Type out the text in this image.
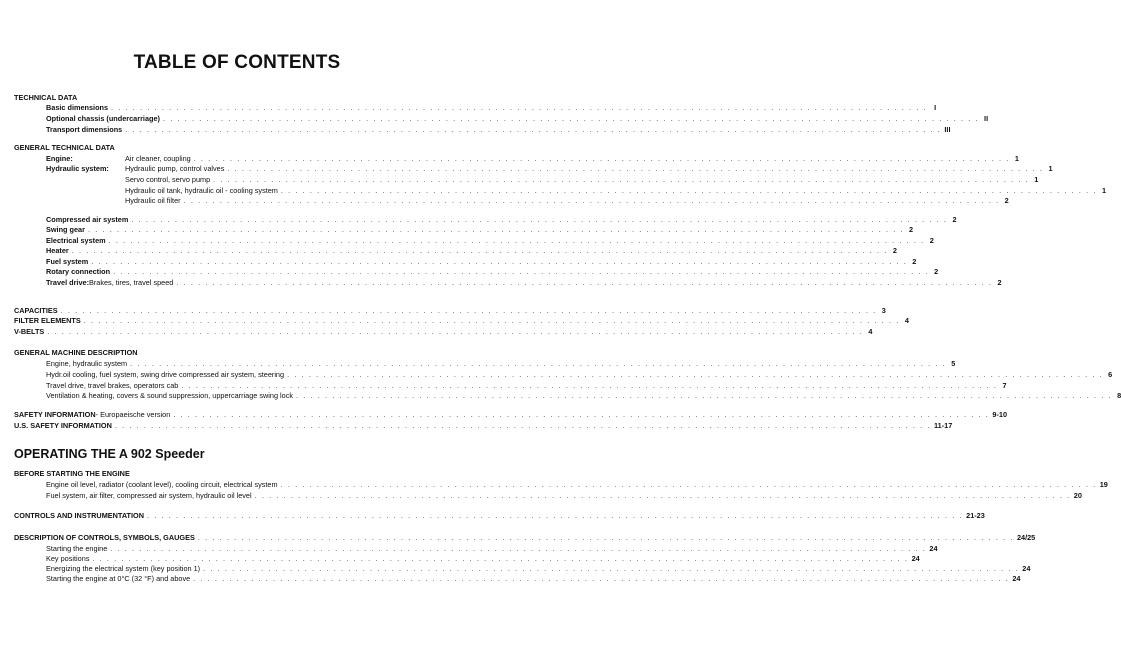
TABLE OF CONTENTS
TECHNICAL DATA
Basic dimensions . . . . . . . . . . . . . . . . . . . . . . . . . . . . . . . . . . . . . . . . . . . . . . . . . . . . . . . . . . . . . . . . . . . . . . . . . . . . . . . . . . . . . . . . . . . . . . . . . . . . . . . . . . . . . . . . . I
Optional chassis (undercarriage) . . . . . . . . . . . . . . . . . . . . . . . . . . . . . . . . . . . . . . . . . . . . . . . . . . . . . . . . . . . . . . . . . . . . . . . . . . . . . . . . . . . . . . . . . . . . . . . . . . . . . . . . . . . . . . . . . II
Transport dimensions . . . . . . . . . . . . . . . . . . . . . . . . . . . . . . . . . . . . . . . . . . . . . . . . . . . . . . . . . . . . . . . . . . . . . . . . . . . . . . . . . . . . . . . . . . . . . . . . . . . . . . . . . . . . . . . . . III
GENERAL TECHNICAL DATA
Engine:
Hydraulic system:
Air cleaner, coupling . . . . . . . . . . . . . . . . . . . . . . . . . . . . . . . . . . . . . . . . . . . . . . . . . . . . . . . . . . . . . . . . . . . . . . . . . . . . . . . . . . . . . . . . . . . . . . . . . . . . . . . . . . . . . . . . . 1
Hydraulic pump, control valves . . . . . . . . . . . . . . . . . . . . . . . . . . . . . . . . . . . . . . . . . . . . . . . . . . . . . . . . . . . . . . . . . . . . . . . . . . . . . . . . . . . . . . . . . . . . . . . . . . . . . . . . . . . . . . . . . 1
Servo control, servo pump . . . . . . . . . . . . . . . . . . . . . . . . . . . . . . . . . . . . . . . . . . . . . . . . . . . . . . . . . . . . . . . . . . . . . . . . . . . . . . . . . . . . . . . . . . . . . . . . . . . . . . . . . . . . . . . . . 1
Hydraulic oil tank, hydraulic oil - cooling system . . . . . . . . . . . . . . . . . . . . . . . . . . . . . . . . . . . . . . . . . . . . . . . . . . . . . . . . . . . . . . . . . . . . . . . . . . . . . . . . . . . . . . . . . . . . . . . . . . . . . . . . . . . . . . . . . 1
Hydraulic oil filter . . . . . . . . . . . . . . . . . . . . . . . . . . . . . . . . . . . . . . . . . . . . . . . . . . . . . . . . . . . . . . . . . . . . . . . . . . . . . . . . . . . . . . . . . . . . . . . . . . . . . . . . . . . . . . . . . 2
Compressed air system . . . . . . . . . . . . . . . . . . . . . . . . . . . . . . . . . . . . . . . . . . . . . . . . . . . . . . . . . . . . . . . . . . . . . . . . . . . . . . . . . . . . . . . . . . . . . . . . . . . . . . . . . . . . . . . . . 2
Swing gear . . . . . . . . . . . . . . . . . . . . . . . . . . . . . . . . . . . . . . . . . . . . . . . . . . . . . . . . . . . . . . . . . . . . . . . . . . . . . . . . . . . . . . . . . . . . . . . . . . . . . . . . . . . . . . . . . 2
Electrical system . . . . . . . . . . . . . . . . . . . . . . . . . . . . . . . . . . . . . . . . . . . . . . . . . . . . . . . . . . . . . . . . . . . . . . . . . . . . . . . . . . . . . . . . . . . . . . . . . . . . . . . . . . . . . . . . . 2
Heater . . . . . . . . . . . . . . . . . . . . . . . . . . . . . . . . . . . . . . . . . . . . . . . . . . . . . . . . . . . . . . . . . . . . . . . . . . . . . . . . . . . . . . . . . . . . . . . . . . . . . . . . . . . . . . . . . 2
Fuel system . . . . . . . . . . . . . . . . . . . . . . . . . . . . . . . . . . . . . . . . . . . . . . . . . . . . . . . . . . . . . . . . . . . . . . . . . . . . . . . . . . . . . . . . . . . . . . . . . . . . . . . . . . . . . . . . . 2
Rotary connection . . . . . . . . . . . . . . . . . . . . . . . . . . . . . . . . . . . . . . . . . . . . . . . . . . . . . . . . . . . . . . . . . . . . . . . . . . . . . . . . . . . . . . . . . . . . . . . . . . . . . . . . . . . . . . . . . 2
Travel drive:Brakes, tires, travel speed . . . . . . . . . . . . . . . . . . . . . . . . . . . . . . . . . . . . . . . . . . . . . . . . . . . . . . . . . . . . . . . . . . . . . . . . . . . . . . . . . . . . . . . . . . . . . . . . . . . . . . . . . . . . . . . . . 2
CAPACITIES . . . . . . . . . . . . . . . . . . . . . . . . . . . . . . . . . . . . . . . . . . . . . . . . . . . . . . . . . . . . . . . . . . . . . . . . . . . . . . . . . . . . . . . . . . . . . . . . . . . . . . . . . . . . . . . . . 3
FILTER ELEMENTS . . . . . . . . . . . . . . . . . . . . . . . . . . . . . . . . . . . . . . . . . . . . . . . . . . . . . . . . . . . . . . . . . . . . . . . . . . . . . . . . . . . . . . . . . . . . . . . . . . . . . . . . . . . . . . . . . 4
V-BELTS . . . . . . . . . . . . . . . . . . . . . . . . . . . . . . . . . . . . . . . . . . . . . . . . . . . . . . . . . . . . . . . . . . . . . . . . . . . . . . . . . . . . . . . . . . . . . . . . . . . . . . . . . . . . . . . . . 4
GENERAL MACHINE DESCRIPTION
Engine, hydraulic system . . . . . . . . . . . . . . . . . . . . . . . . . . . . . . . . . . . . . . . . . . . . . . . . . . . . . . . . . . . . . . . . . . . . . . . . . . . . . . . . . . . . . . . . . . . . . . . . . . . . . . . . . . . . . . . . . 5
Hydr.oil cooling, fuel system, swing drive compressed air system, steering . . . . . . . . . . . . . . . . . . . . . . . . . . . . . . . . . . . . . . . . . . . . . . . . . . . . . . . . . . . . . . . . . . . . . . . . . . . . . . . . . . . . . . . . . . . . . . . . . . . . . . . . . . . . . . . . . 6
Travel drive, travel brakes, operators cab . . . . . . . . . . . . . . . . . . . . . . . . . . . . . . . . . . . . . . . . . . . . . . . . . . . . . . . . . . . . . . . . . . . . . . . . . . . . . . . . . . . . . . . . . . . . . . . . . . . . . . . . . . . . . . . . . 7
Ventilation & heating, covers & sound suppression, uppercarriage swing lock . . . . . . . . . . . . . . . . . . . . . . . . . . . . . . . . . . . . . . . . . . . . . . . . . . . . . . . . . . . . . . . . . . . . . . . . . . . . . . . . . . . . . . . . . . . . . . . . . . . . . . . . . . . . . . . . . 8
SAFETY INFORMATION- Europaeische version . . . . . . . . . . . . . . . . . . . . . . . . . . . . . . . . . . . . . . . . . . . . . . . . . . . . . . . . . . . . . . . . . . . . . . . . . . . . . . . . . . . . . . . . . . . . . . . . . . . . . . . . . . . . . . . . . 9-10
U.S. SAFETY INFORMATION . . . . . . . . . . . . . . . . . . . . . . . . . . . . . . . . . . . . . . . . . . . . . . . . . . . . . . . . . . . . . . . . . . . . . . . . . . . . . . . . . . . . . . . . . . . . . . . . . . . . . . . . . . . . . . . . . 11-17
OPERATING THE A 902 Speeder
BEFORE STARTING THE ENGINE
Engine oil level, radiator (coolant level), cooling circuit, electrical system . . . . . . . . . . . . . . . . . . . . . . . . . . . . . . . . . . . . . . . . . . . . . . . . . . . . . . . . . . . . . . . . . . . . . . . . . . . . . . . . . . . . . . . . . . . . . . . . . . . . . . . . . . . . . . . . . 19
Fuel system, air filter, compressed air system, hydraulic oil level . . . . . . . . . . . . . . . . . . . . . . . . . . . . . . . . . . . . . . . . . . . . . . . . . . . . . . . . . . . . . . . . . . . . . . . . . . . . . . . . . . . . . . . . . . . . . . . . . . . . . . . . . . . . . . . . . 20
CONTROLS AND INSTRUMENTATION . . . . . . . . . . . . . . . . . . . . . . . . . . . . . . . . . . . . . . . . . . . . . . . . . . . . . . . . . . . . . . . . . . . . . . . . . . . . . . . . . . . . . . . . . . . . . . . . . . . . . . . . . . . . . . . . . 21-23
DESCRIPTION OF CONTROLS, SYMBOLS, GAUGES . . . . . . . . . . . . . . . . . . . . . . . . . . . . . . . . . . . . . . . . . . . . . . . . . . . . . . . . . . . . . . . . . . . . . . . . . . . . . . . . . . . . . . . . . . . . . . . . . . . . . . . . . . . . . . . . . 24/25
Starting the engine . . . . . . . . . . . . . . . . . . . . . . . . . . . . . . . . . . . . . . . . . . . . . . . . . . . . . . . . . . . . . . . . . . . . . . . . . . . . . . . . . . . . . . . . . . . . . . . . . . . . . . . . . . . . . . . . . 24
Key positions . . . . . . . . . . . . . . . . . . . . . . . . . . . . . . . . . . . . . . . . . . . . . . . . . . . . . . . . . . . . . . . . . . . . . . . . . . . . . . . . . . . . . . . . . . . . . . . . . . . . . . . . . . . . . . . . . 24
Energizing the electrical system (key position 1) . . . . . . . . . . . . . . . . . . . . . . . . . . . . . . . . . . . . . . . . . . . . . . . . . . . . . . . . . . . . . . . . . . . . . . . . . . . . . . . . . . . . . . . . . . . . . . . . . . . . . . . . . . . . . . . . . 24
Starting the engine at 0°C (32 °F) and above . . . . . . . . . . . . . . . . . . . . . . . . . . . . . . . . . . . . . . . . . . . . . . . . . . . . . . . . . . . . . . . . . . . . . . . . . . . . . . . . . . . . . . . . . . . . . . . . . . . . . . . . . . . . . . . . . 24
